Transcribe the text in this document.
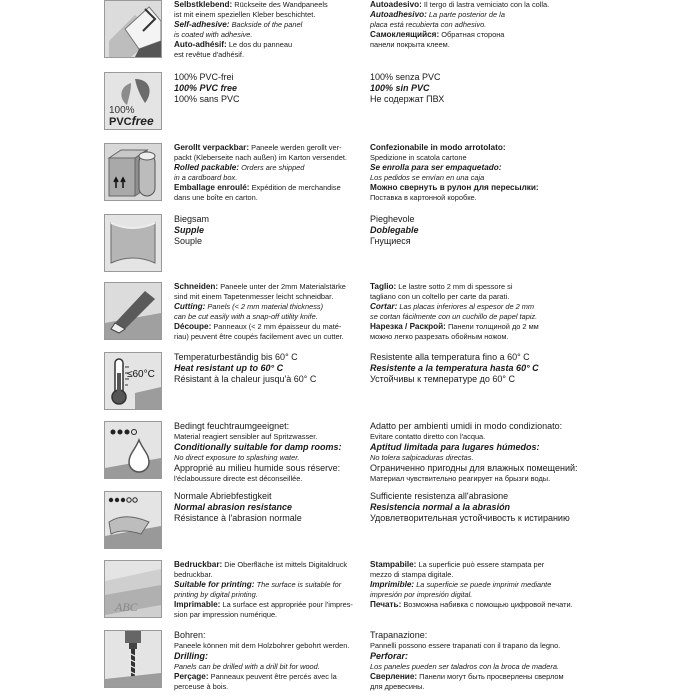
Selbstklebend: Rückseite des Wandpaneels
ist mit einem speziellen Kleber beschichtet.
Self-adhesive: Backside of the panel
is coated with adhesive.
Auto-adhésif: Le dos du panneau
est revêtue d'adhésif.
Autoadesivo: Il tergo di lastra verniciato con la colla.
Autoadhesivo: La parte posterior de la
placa está recubierta con adhesivo.
Самоклеящийся: Обратная сторона
панели покрыта клеем.
100%
PVCfree
100% PVC-frei
100% PVC free
100% sans PVC
100% senza PVC
100% sin PVC
Не содержат ПВХ
Gerollt verpackbar: Paneele werden gerollt ver-
packt (Kleberseite nach außen) im Karton versendet.
Rolled packable: Orders are shipped
in a cardboard box.
Emballage enroulé: Expédition de merchandise
dans une boîte en carton.
Confezionabile in modo arrotolato:
Spedizione in scatola cartone
Se enrolla para ser empaquetado:
Los pedidos se envían en una caja
Можно свернуть в рулон для пересылки:
Поставка в картонной коробке.
Biegsam
Supple
Souple
Pieghevole
Doblegable
Гнущиеся
Schneiden: Paneele unter der 2mm Materialstärke
sind mit einem Tapetenmesser leicht schneidbar.
Cutting: Panels (< 2 mm material thickness)
can be cut easily with a snap-off utility knife.
Découpe: Panneaux (< 2 mm épaisseur du maté-
riau) peuvent être coupés facilement avec un cutter.
Taglio: Le lastre sotto 2 mm di spessore si
tagliano con un coltello per carte da parati.
Cortar: Las placas inferiores al espesor de 2 mm
se cortan fácilmente con un cuchillo de papel tapiz.
Нарезка / Раскрой: Панели толщиной до 2 мм
можно легко разрезать обойным ножом.
≤60°C
Temperaturbeständig bis 60° C
Heat resistant up to 60° C
Résistant à la chaleur jusqu'à 60° C
Resistente alla temperatura fino a 60° C
Resistente a la temperatura hasta 60° C
Устойчивы к температуре до 60° C
Bedingt feuchtraumgeeignet:
Material reagiert sensibler auf Spritzwasser.
Conditionally suitable for damp rooms:
No direct exposure to splashing water.
Approprié au milieu humide sous réserve:
l'éclaboussure directe est déconseillée.
Adatto per ambienti umidi in modo condizionato:
Evitare contatto diretto con l'acqua.
Aptitud limitada para lugares húmedos:
No tolera salpicaduras directas.
Ограниченно пригодны для влажных помещений:
Материал чувствительно реагирует на брызги воды.
Normale Abriebfestigkeit
Normal abrasion resistance
Résistance à l'abrasion normale
Sufficiente resistenza all'abrasione
Resistencia normal a la abrasión
Удовлетворительная устойчивость к истиранию
ABC
Bedruckbar: Die Oberfläche ist mittels Digitaldruck
bedruckbar.
Suitable for printing: The surface is suitable for
printing by digital printing.
Imprimable: La surface est appropriée pour l'impres-
sion par impression numérique.
Stampabile: La superficie può essere stampata per
mezzo di stampa digitale.
Imprimible: La superficie se puede imprimir mediante
impresión por impresión digital.
Печать: Возможна набивка с помощью цифровой печати.
Bohren:
Paneele können mit dem Holzbohrer gebohrt werden.
Drilling:
Panels can be drilled with a drill bit for wood.
Perçage: Panneaux peuvent être percés avec la
perceuse à bois.
Trapanazione:
Pannelli possono essere trapanati con il trapano da legno.
Perforar:
Los paneles pueden ser taladros con la broca de madera.
Сверление: Панели могут быть просверлены сверлом
для древесины.
